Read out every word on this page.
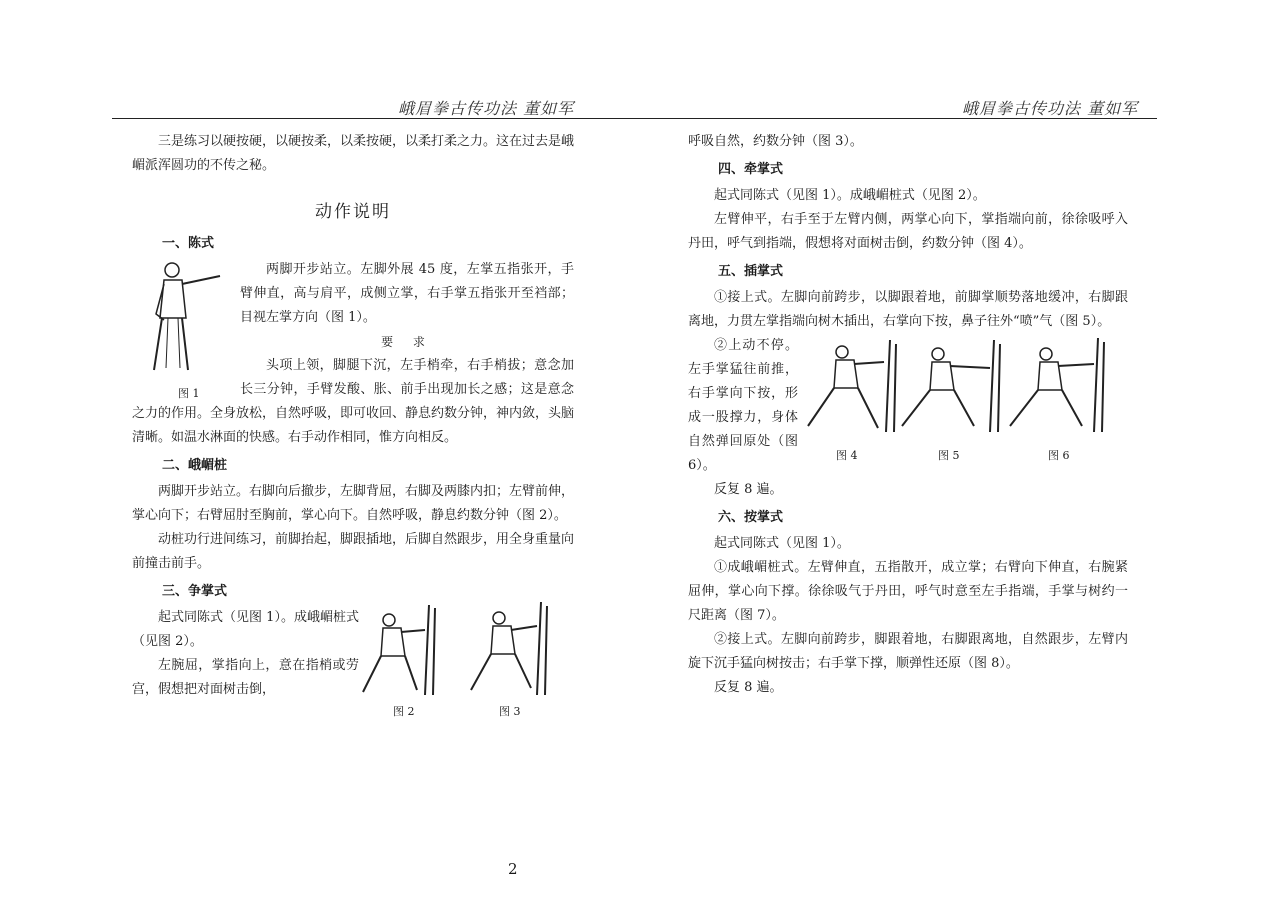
峨眉拳古传功法 董如军	峨眉拳古传功法 董如军

三是练习以硬按硬，以硬按柔，以柔按硬，以柔打柔之力。这在过去是峨嵋派浑圆功的不传之秘。

动作说明
一、陈式
图 1

两脚开步站立。左脚外展 45 度，左掌五指张开，手臂伸直，高与肩平，成侧立掌，右手掌五指张开至裆部；目视左掌方向（图 1）。

要 求

头项上领，脚腿下沉，左手梢牵，右手梢拔；意念加长三分钟，手臂发酸、胀、前手出现加长之感；这是意念之力的作用。全身放松，自然呼吸，即可收回、静息约数分钟，神内敛，头脑清晰。如温水淋面的快感。右手动作相同，惟方向相反。

二、峨嵋桩

两脚开步站立。右脚向后撤步，左脚背屈，右脚及两膝内扣；左臂前伸，掌心向下；右臂屈肘至胸前，掌心向下。自然呼吸，静息约数分钟（图 2）。

动桩功行进间练习，前脚抬起，脚跟插地，后脚自然跟步，用全身重量向前撞击前手。

三、争掌式
图 2	图 3

起式同陈式（见图 1）。成峨嵋桩式（见图 2）。

左腕屈，掌指向上，意在指梢或劳宫，假想把对面树击倒，

呼吸自然，约数分钟（图 3）。

四、牵掌式

起式同陈式（见图 1）。成峨嵋桩式（见图 2）。

左臂伸平，右手至于左臂内侧，两掌心向下，掌指端向前，徐徐吸呼入丹田，呼气到指端，假想将对面树击倒，约数分钟（图 4）。

五、插掌式

①接上式。左脚向前跨步，以脚跟着地，前脚掌顺势落地缓冲，右脚跟离地，力贯左掌指端向树木插出，右掌向下按，鼻子往外“喷”气（图 5）。

图 4	图 5	图 6

②上动不停。左手掌猛往前推，右手掌向下按，形成一股撑力，身体自然弹回原处（图 6）。

反复 8 遍。

六、按掌式

起式同陈式（见图 1）。

①成峨嵋桩式。左臂伸直，五指散开，成立掌；右臂向下伸直，右腕紧屈伸，掌心向下撑。徐徐吸气于丹田，呼气时意至左手指端，手掌与树约一尺距离（图 7）。

②接上式。左脚向前跨步，脚跟着地，右脚跟离地，自然跟步，左臂内旋下沉手猛向树按击；右手掌下撑，顺弹性还原（图 8）。

反复 8 遍。

2
